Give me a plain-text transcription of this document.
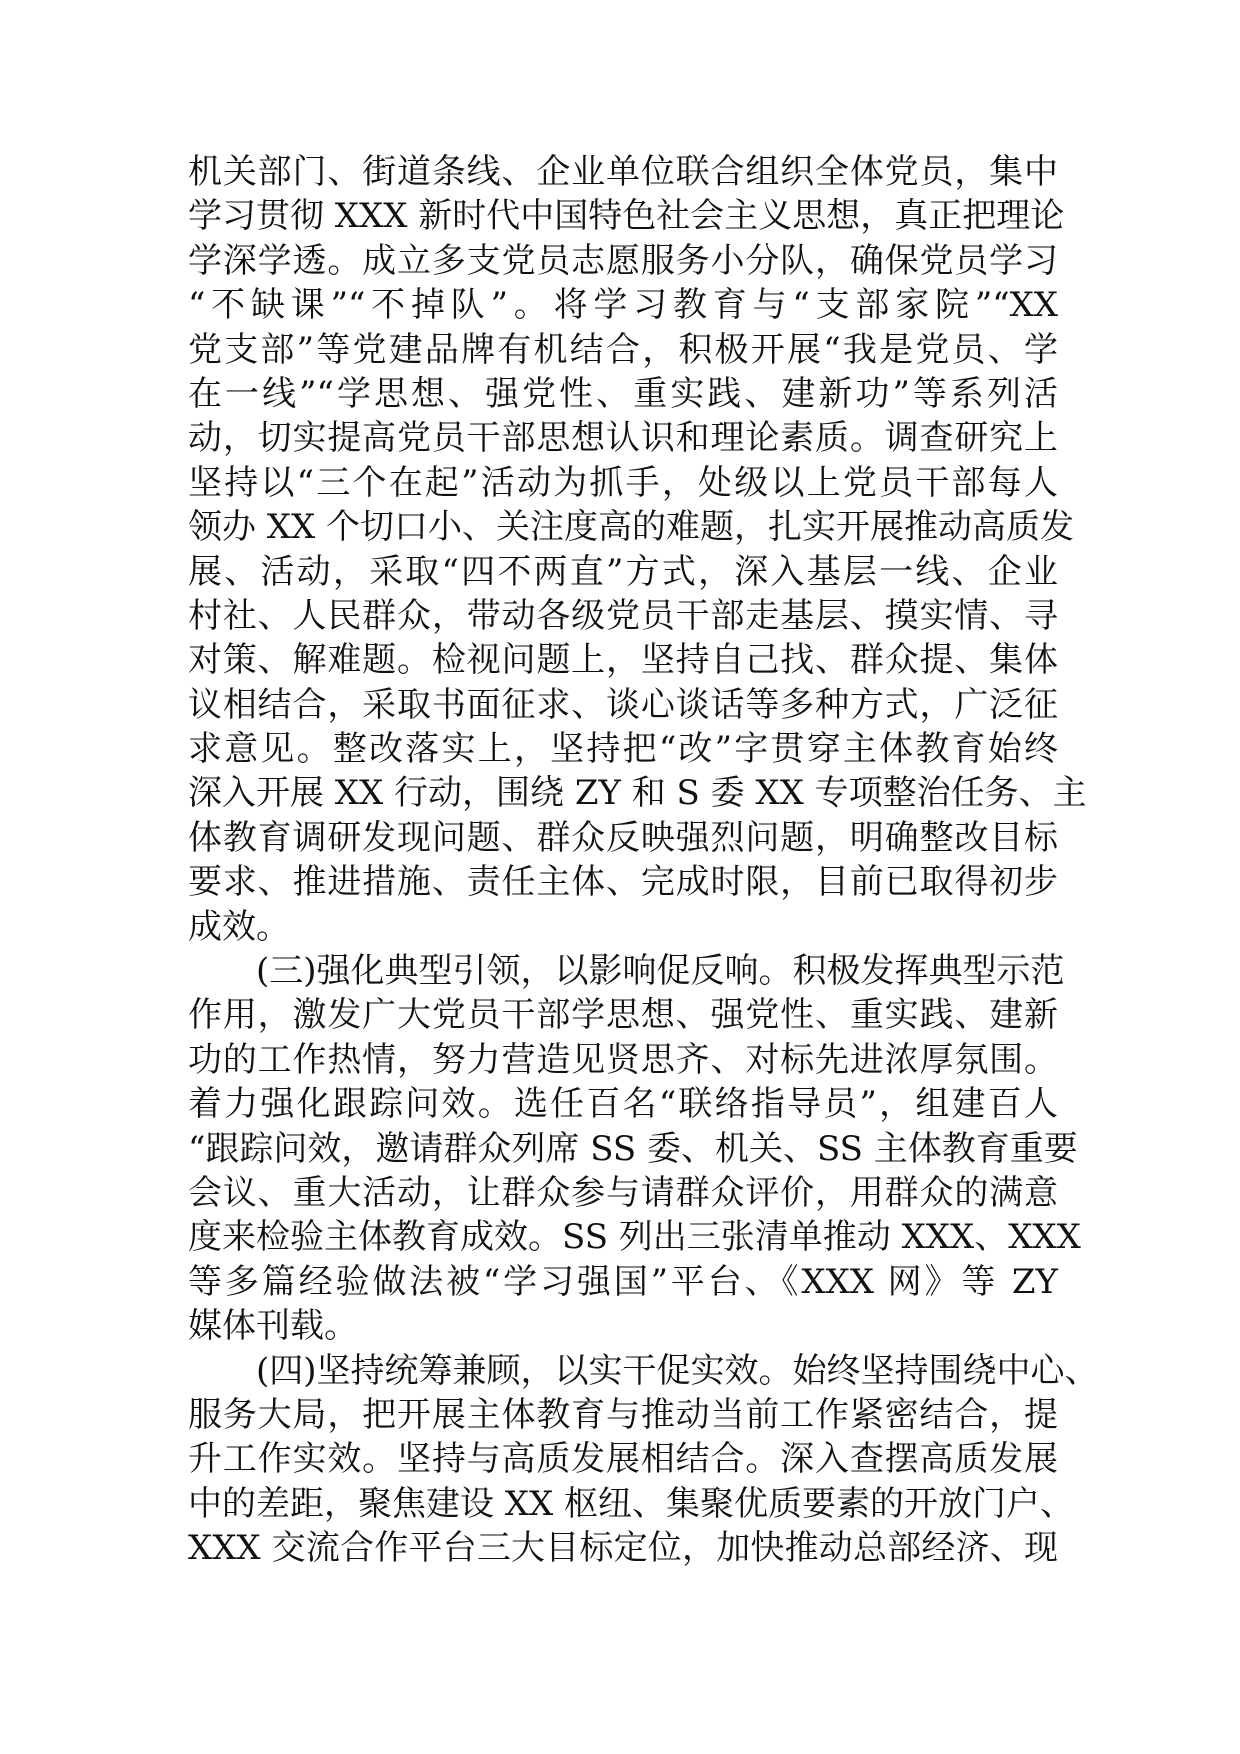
机关部门、街道条线、企业单位联合组织全体党员，集中
学习贯彻 XXX 新时代中国特色社会主义思想，真正把理论
学深学透。成立多支党员志愿服务小分队，确保党员学习
“不缺课”“不掉队”。将学习教育与“支部家院”“XX
党支部”等党建品牌有机结合，积极开展“我是党员、学
在一线”“学思想、强党性、重实践、建新功”等系列活
动，切实提高党员干部思想认识和理论素质。调查研究上
坚持以“三个在起”活动为抓手，处级以上党员干部每人
领办 XX 个切口小、关注度高的难题，扎实开展推动高质发
展、活动，采取“四不两直”方式，深入基层一线、企业
村社、人民群众，带动各级党员干部走基层、摸实情、寻
对策、解难题。检视问题上，坚持自己找、群众提、集体
议相结合，采取书面征求、谈心谈话等多种方式，广泛征
求意见。整改落实上，坚持把“改”字贯穿主体教育始终
深入开展 XX 行动，围绕 ZY 和 S 委 XX 专项整治任务、主
体教育调研发现问题、群众反映强烈问题，明确整改目标
要求、推进措施、责任主体、完成时限，目前已取得初步
成效。
(三)强化典型引领，以影响促反响。积极发挥典型示范
作用，激发广大党员干部学思想、强党性、重实践、建新
功的工作热情，努力营造见贤思齐、对标先进浓厚氛围。
着力强化跟踪问效。选任百名“联络指导员”，组建百人
“跟踪问效，邀请群众列席 SS 委、机关、SS 主体教育重要
会议、重大活动，让群众参与请群众评价，用群众的满意
度来检验主体教育成效。SS 列出三张清单推动 XXX、XXX
等多篇经验做法被“学习强国”平台、《XXX 网》等 ZY
媒体刊载。
(四)坚持统筹兼顾，以实干促实效。始终坚持围绕中心、
服务大局，把开展主体教育与推动当前工作紧密结合，提
升工作实效。坚持与高质发展相结合。深入查摆高质发展
中的差距，聚焦建设 XX 枢纽、集聚优质要素的开放门户、
XXX 交流合作平台三大目标定位，加快推动总部经济、现
